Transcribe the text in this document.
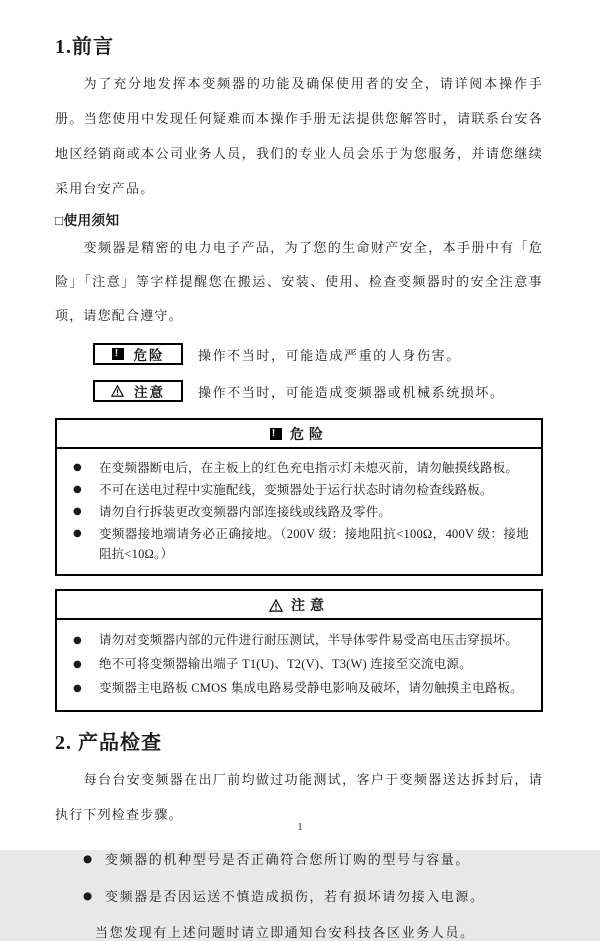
1.前言

为了充分地发挥本变频器的功能及确保使用者的安全，请详阅本操作手册。当您使用中发现任何疑难而本操作手册无法提供您解答时，请联系台安各地区经销商或本公司业务人员，我们的专业人员会乐于为您服务，并请您继续采用台安产品。

□使用须知

变频器是精密的电力电子产品，为了您的生命财产安全，本手册中有「危险」「注意」等字样提醒您在搬运、安装、使用、检查变频器时的安全注意事项，请您配合遵守。

!
危险	操作不当时，可能造成严重的人身伤害。
注意	操作不当时，可能造成变频器或机械系统损坏。
!
危险
●
在变频器断电后，在主板上的红色充电指示灯未熄灭前，请勿触摸线路板。
●
不可在送电过程中实施配线，变频器处于运行状态时请勿检查线路板。
●
请勿自行拆装更改变频器内部连接线或线路及零件。
●
变频器接地端请务必正确接地。（200V 级：接地阻抗<100Ω，400V 级：接地阻抗<10Ω。）
注意
●
请勿对变频器内部的元件进行耐压测试，半导体零件易受高电压击穿损坏。
●
绝不可将变频器输出端子 T1(U)、T2(V)、T3(W) 连接至交流电源。
●
变频器主电路板 CMOS 集成电路易受静电影响及破坏，请勿触摸主电路板。
2. 产品检查

每台台安变频器在出厂前均做过功能测试，客户于变频器送达拆封后，请执行下列检查步骤。

●
变频器的机种型号是否正确符合您所订购的型号与容量。
●
变频器是否因运送不慎造成损伤，若有损坏请勿接入电源。

当您发现有上述问题时请立即通知台安科技各区业务人员。

1
